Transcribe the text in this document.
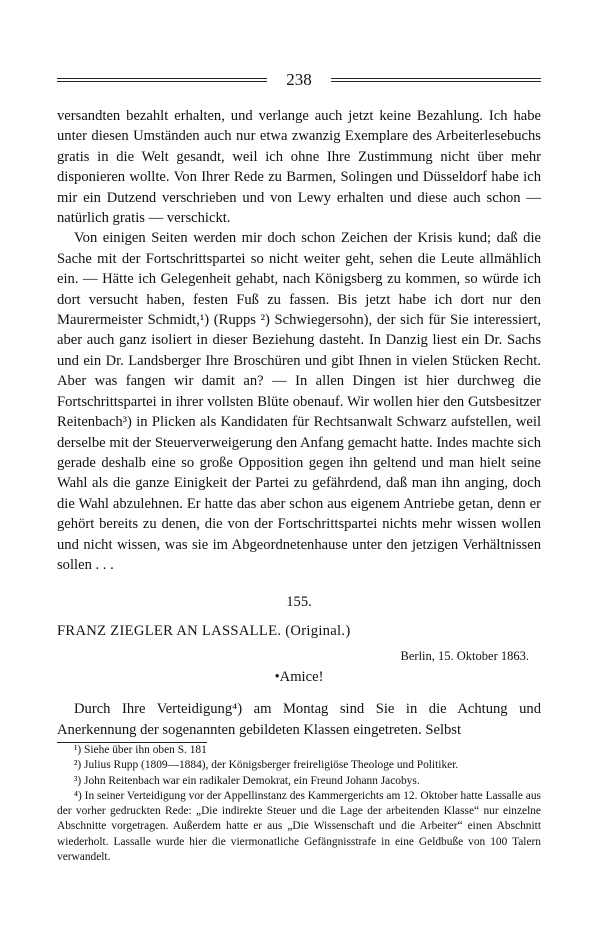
238

versandten bezahlt erhalten, und verlange auch jetzt keine Bezahlung. Ich habe unter diesen Umständen auch nur etwa zwanzig Exemplare des Arbeiterlesebuchs gratis in die Welt gesandt, weil ich ohne Ihre Zustimmung nicht über mehr disponieren wollte. Von Ihrer Rede zu Barmen, Solingen und Düsseldorf habe ich mir ein Dutzend verschrieben und von Lewy erhalten und diese auch schon — natürlich gratis — verschickt.

Von einigen Seiten werden mir doch schon Zeichen der Krisis kund; daß die Sache mit der Fortschrittspartei so nicht weiter geht, sehen die Leute allmählich ein. — Hätte ich Gelegenheit gehabt, nach Königsberg zu kommen, so würde ich dort versucht haben, festen Fuß zu fassen. Bis jetzt habe ich dort nur den Maurermeister Schmidt,¹) (Rupps ²) Schwiegersohn), der sich für Sie interessiert, aber auch ganz isoliert in dieser Beziehung dasteht. In Danzig liest ein Dr. Sachs und ein Dr. Landsberger Ihre Broschüren und gibt Ihnen in vielen Stücken Recht. Aber was fangen wir damit an? — In allen Dingen ist hier durchweg die Fortschrittspartei in ihrer vollsten Blüte obenauf. Wir wollen hier den Gutsbesitzer Reitenbach³) in Plicken als Kandidaten für Rechtsanwalt Schwarz aufstellen, weil derselbe mit der Steuerverweigerung den Anfang gemacht hatte. Indes machte sich gerade deshalb eine so große Opposition gegen ihn geltend und man hielt seine Wahl als die ganze Einigkeit der Partei zu gefährdend, daß man ihn anging, doch die Wahl abzulehnen. Er hatte das aber schon aus eigenem Antriebe getan, denn er gehört bereits zu denen, die von der Fortschrittspartei nichts mehr wissen wollen und nicht wissen, was sie im Abgeordnetenhause unter den jetzigen Verhältnissen sollen . . .

155.
FRANZ ZIEGLER AN LASSALLE. (Original.)
Berlin, 15. Oktober 1863.
•Amice!

Durch Ihre Verteidigung⁴) am Montag sind Sie in die Achtung und Anerkennung der sogenannten gebildeten Klassen eingetreten. Selbst

¹) Siehe über ihn oben S. 181

²) Julius Rupp (1809—1884), der Königsberger freireligiöse Theologe und Politiker.

³) John Reitenbach war ein radikaler Demokrat, ein Freund Johann Jacobys.

⁴) In seiner Verteidigung vor der Appellinstanz des Kammergerichts am 12. Oktober hatte Lassalle aus der vorher gedruckten Rede: „Die indirekte Steuer und die Lage der arbeitenden Klasse“ nur einzelne Abschnitte vorgetragen. Außerdem hatte er aus „Die Wissenschaft und die Arbeiter“ einen Abschnitt wiederholt. Lassalle wurde hier die viermonatliche Gefängnisstrafe in eine Geldbuße von 100 Talern verwandelt.
